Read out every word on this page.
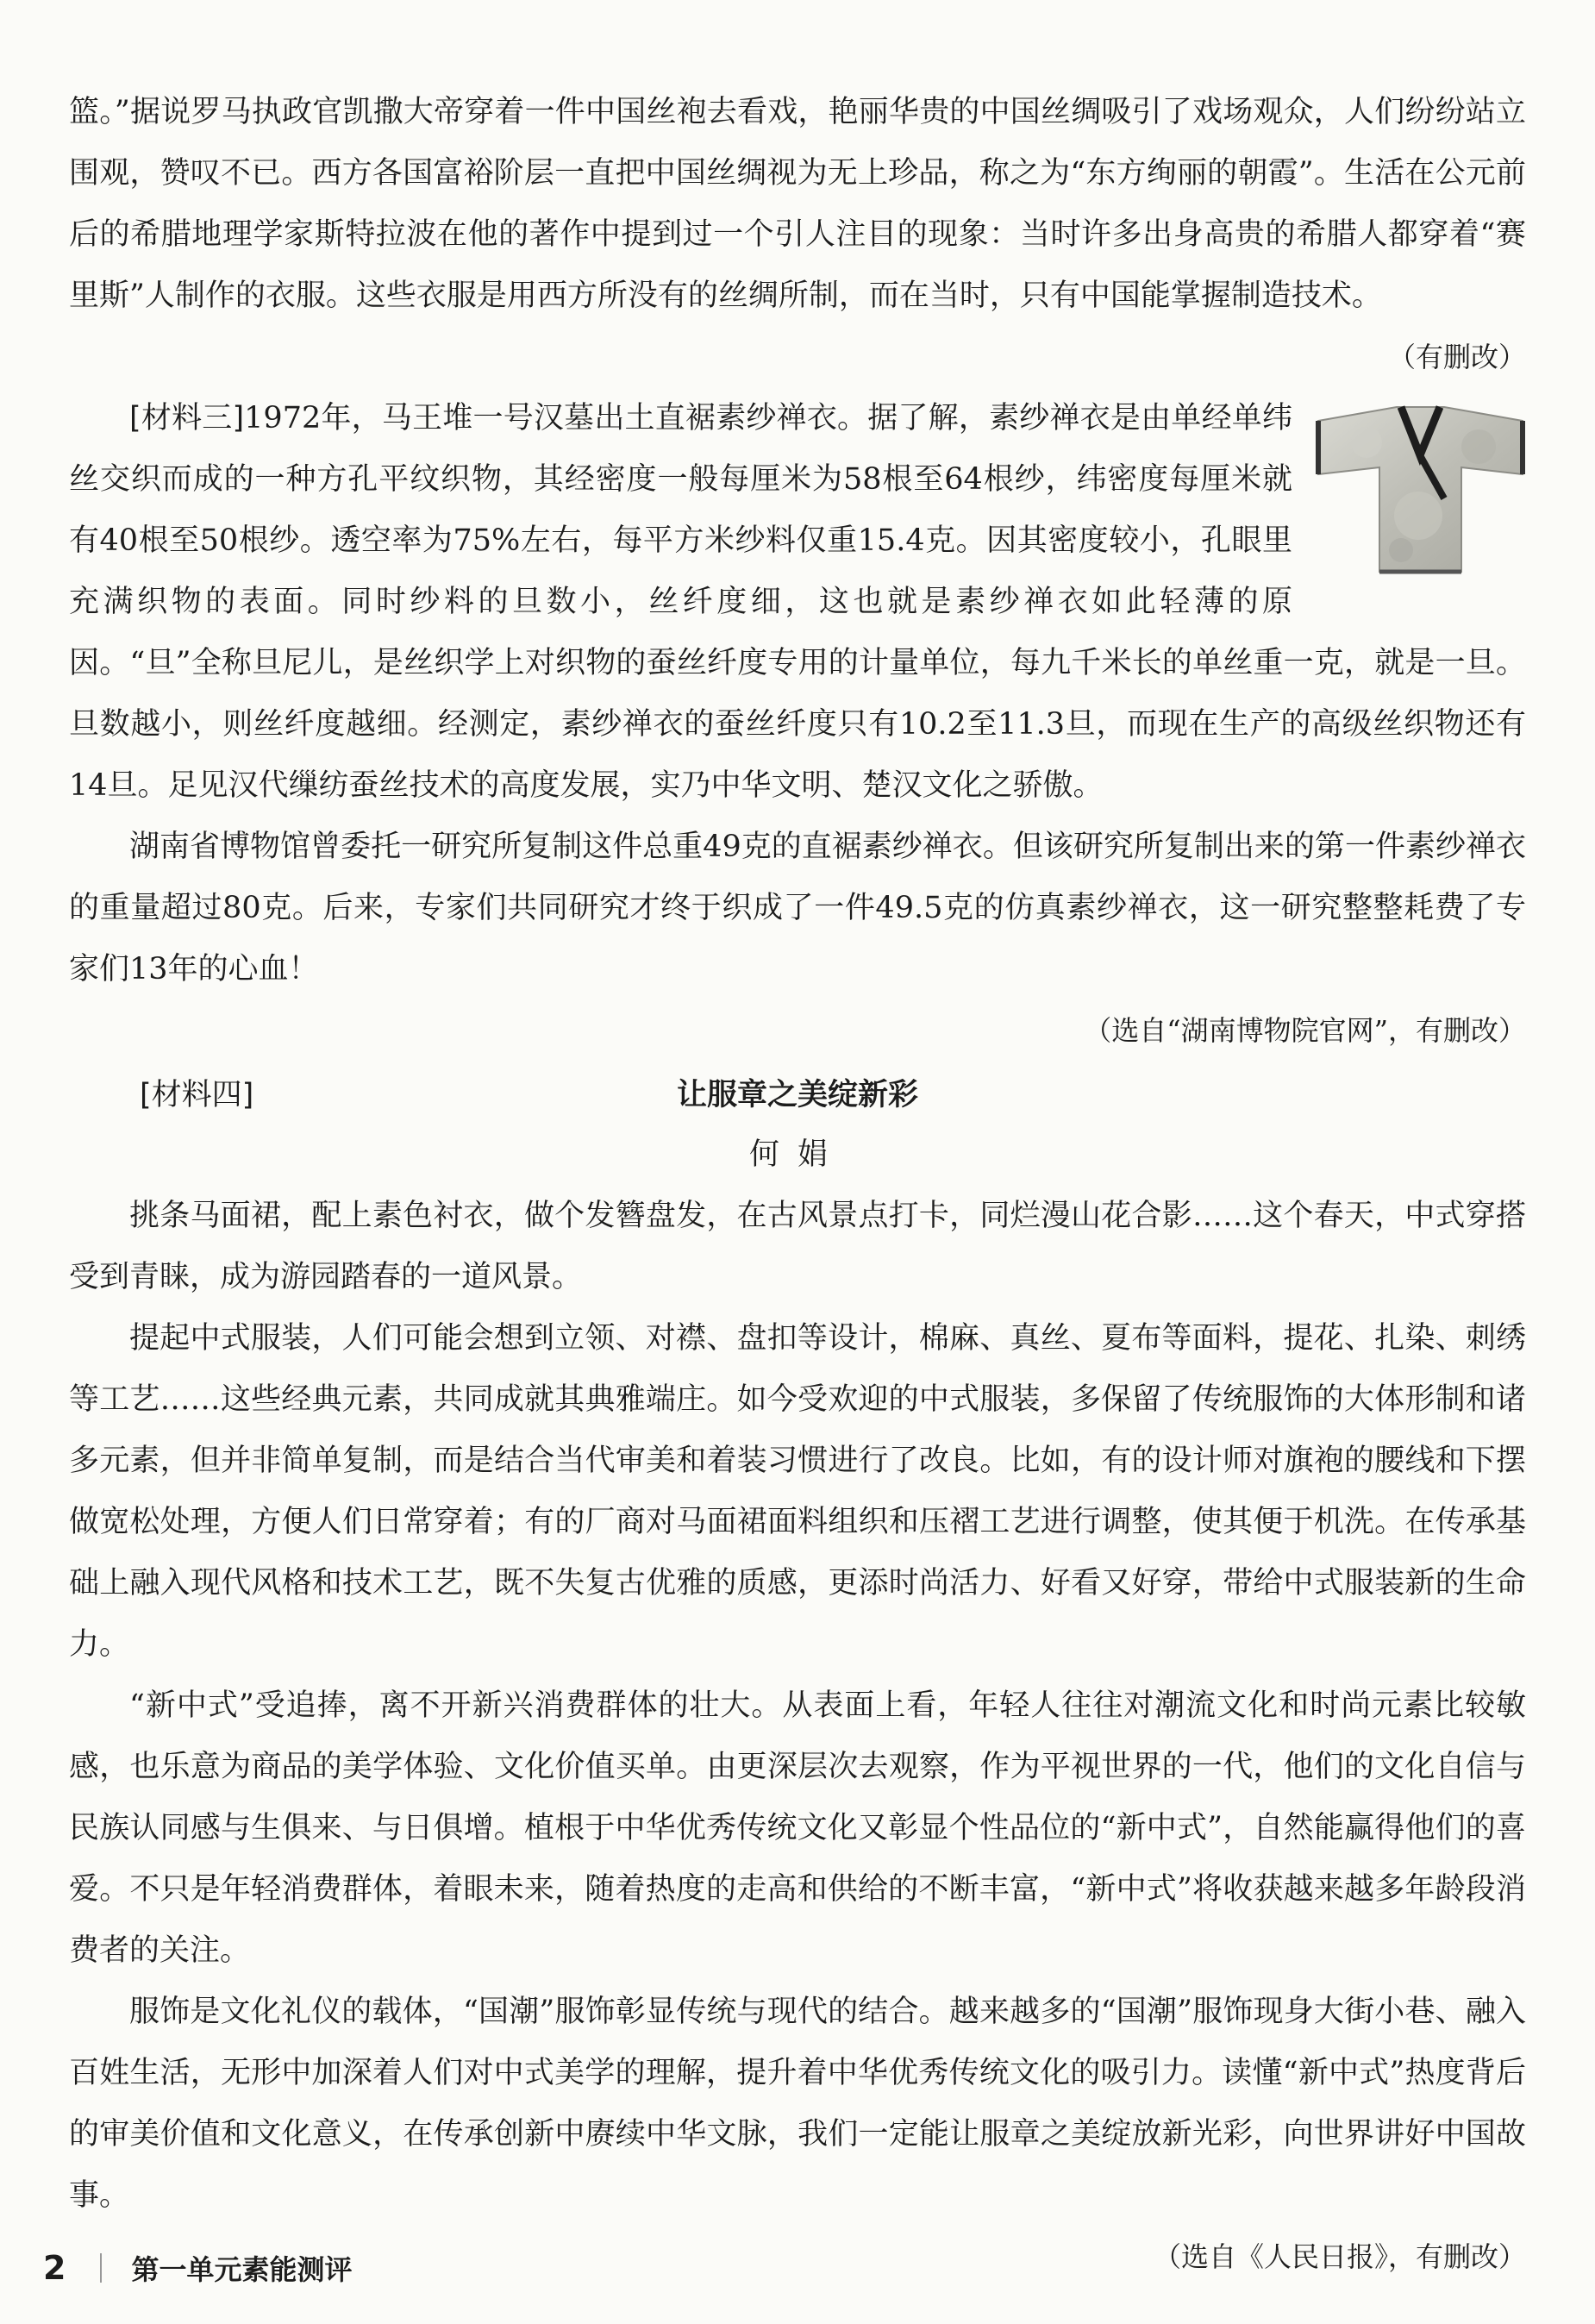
篮。”据说罗马执政官凯撒大帝穿着一件中国丝袍去看戏，艳丽华贵的中国丝绸吸引了戏场观众，人们纷纷站立围观，赞叹不已。西方各国富裕阶层一直把中国丝绸视为无上珍品，称之为“东方绚丽的朝霞”。生活在公元前后的希腊地理学家斯特拉波在他的著作中提到过一个引人注目的现象：当时许多出身高贵的希腊人都穿着“赛里斯”人制作的衣服。这些衣服是用西方所没有的丝绸所制，而在当时，只有中国能掌握制造技术。

（有删改）

[材料三]1972年，马王堆一号汉墓出土直裾素纱禅衣。据了解，素纱禅衣是由单经单纬丝交织而成的一种方孔平纹织物，其经密度一般每厘米为58根至64根纱，纬密度每厘米就有40根至50根纱。透空率为75%左右，每平方米纱料仅重15.4克。因其密度较小，孔眼里充满织物的表面。同时纱料的旦数小，丝纤度细，这也就是素纱禅衣如此轻薄的原因。“旦”全称旦尼儿，是丝织学上对织物的蚕丝纤度专用的计量单位，每九千米长的单丝重一克，就是一旦。旦数越小，则丝纤度越细。经测定，素纱禅衣的蚕丝纤度只有10.2至11.3旦，而现在生产的高级丝织物还有14旦。足见汉代缫纺蚕丝技术的高度发展，实乃中华文明、楚汉文化之骄傲。

湖南省博物馆曾委托一研究所复制这件总重49克的直裾素纱禅衣。但该研究所复制出来的第一件素纱禅衣的重量超过80克。后来，专家们共同研究才终于织成了一件49.5克的仿真素纱禅衣，这一研究整整耗费了专家们13年的心血！

（选自“湖南博物院官网”，有删改）

[材料四]	让服章之美绽新彩
何娟

挑条马面裙，配上素色衬衣，做个发簪盘发，在古风景点打卡，同烂漫山花合影……这个春天，中式穿搭受到青睐，成为游园踏春的一道风景。

提起中式服装，人们可能会想到立领、对襟、盘扣等设计，棉麻、真丝、夏布等面料，提花、扎染、刺绣等工艺……这些经典元素，共同成就其典雅端庄。如今受欢迎的中式服装，多保留了传统服饰的大体形制和诸多元素，但并非简单复制，而是结合当代审美和着装习惯进行了改良。比如，有的设计师对旗袍的腰线和下摆做宽松处理，方便人们日常穿着；有的厂商对马面裙面料组织和压褶工艺进行调整，使其便于机洗。在传承基础上融入现代风格和技术工艺，既不失复古优雅的质感，更添时尚活力、好看又好穿，带给中式服装新的生命力。

“新中式”受追捧，离不开新兴消费群体的壮大。从表面上看，年轻人往往对潮流文化和时尚元素比较敏感，也乐意为商品的美学体验、文化价值买单。由更深层次去观察，作为平视世界的一代，他们的文化自信与民族认同感与生俱来、与日俱增。植根于中华优秀传统文化又彰显个性品位的“新中式”，自然能赢得他们的喜爱。不只是年轻消费群体，着眼未来，随着热度的走高和供给的不断丰富，“新中式”将收获越来越多年龄段消费者的关注。

服饰是文化礼仪的载体，“国潮”服饰彰显传统与现代的结合。越来越多的“国潮”服饰现身大街小巷、融入百姓生活，无形中加深着人们对中式美学的理解，提升着中华优秀传统文化的吸引力。读懂“新中式”热度背后的审美价值和文化意义，在传承创新中赓续中华文脉，我们一定能让服章之美绽放新光彩，向世界讲好中国故事。

（选自《人民日报》，有删改）

2 第一单元素能测评
